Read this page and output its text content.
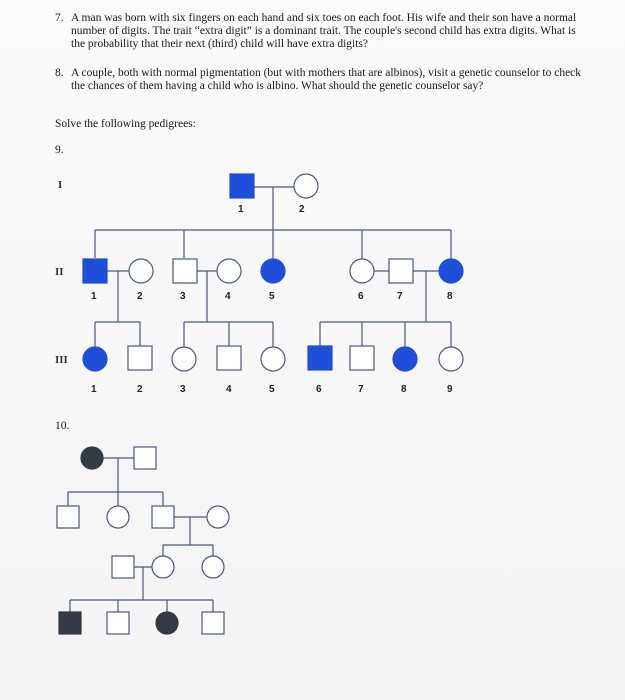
7. A man was born with six fingers on each hand and six toes on each foot. His wife and their son have a normal number of digits. The trait “extra digit” is a dominant trait. The couple's second child has extra digits. What is the probability that their next (third) child will have extra digits?
8. A couple, both with normal pigmentation (but with mothers that are albinos), visit a genetic counselor to check the chances of them having a child who is albino. What should the genetic counselor say?
Solve the following pedigrees:
9.
10.
I
II
III
1	2
1	2	3	4	5	6	7	8
1	2	3	4	5	6	7	8	9
